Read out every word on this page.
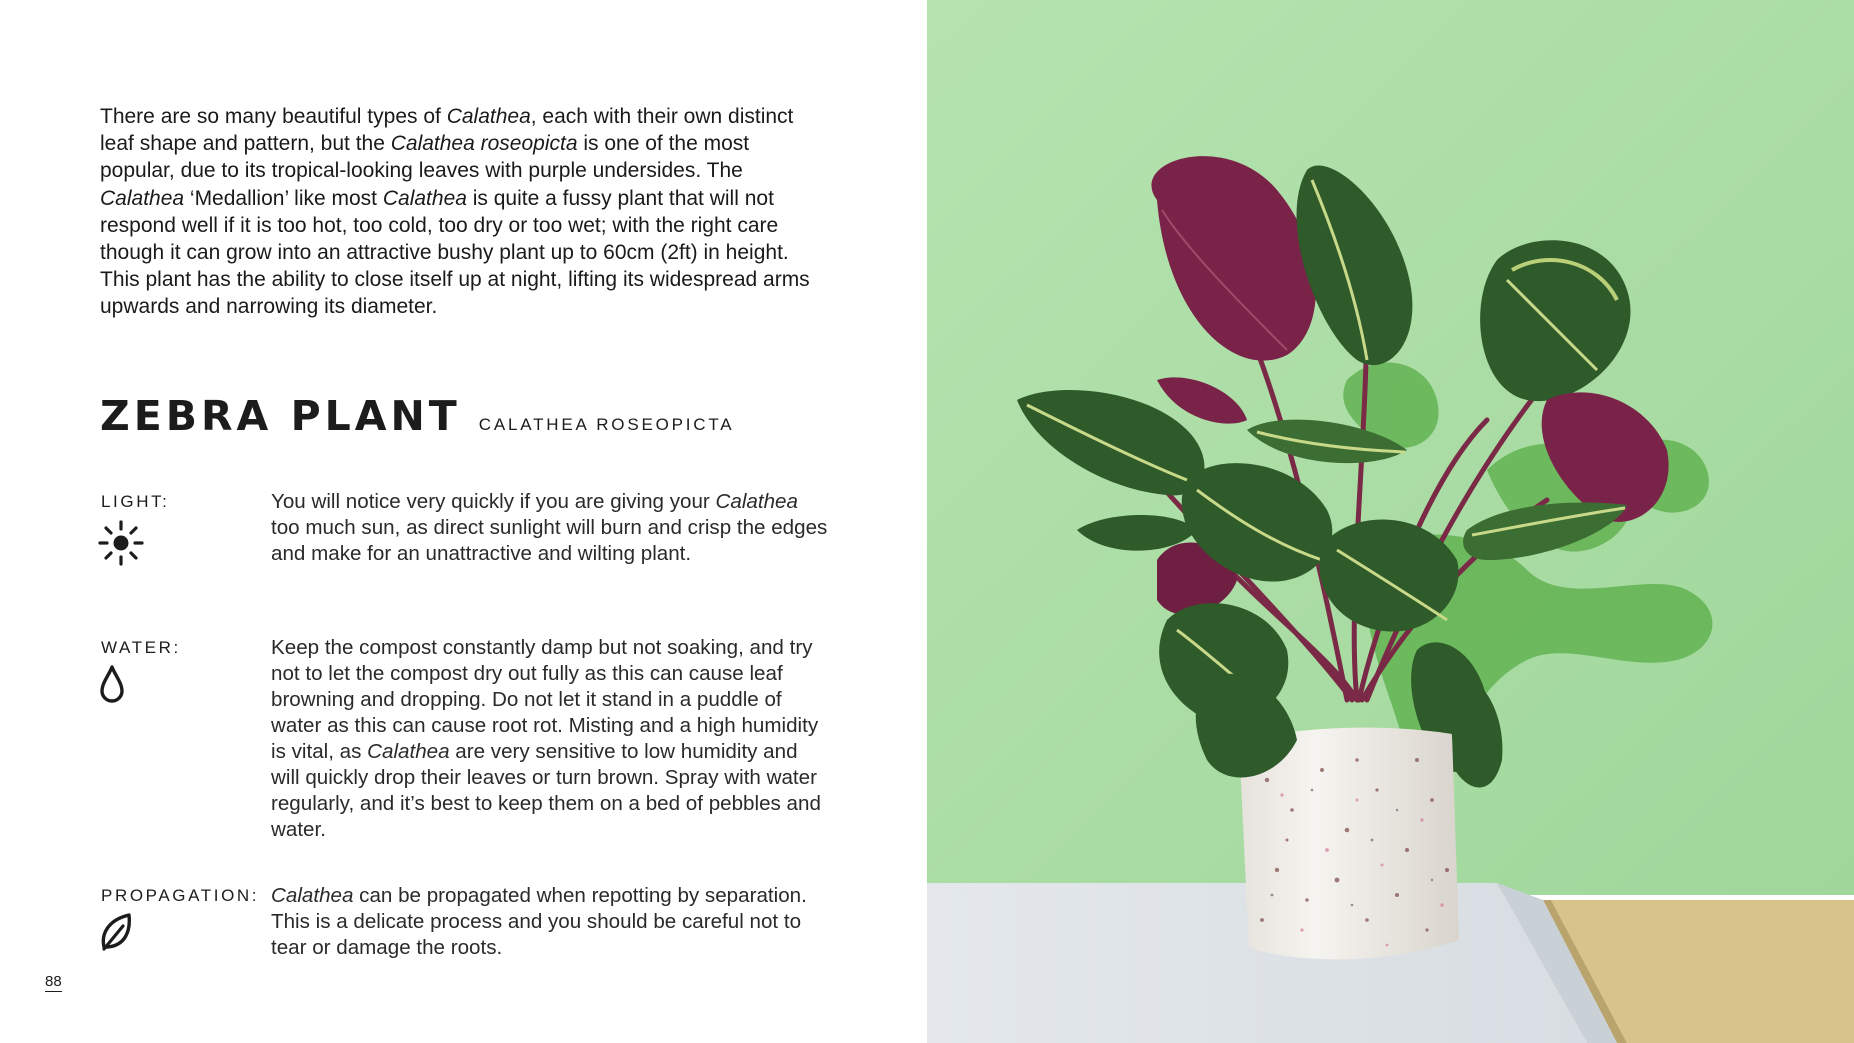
There are so many beautiful types of Calathea, each with their own distinct leaf shape and pattern, but the Calathea roseopicta is one of the most popular, due to its tropical-looking leaves with purple undersides. The Calathea ‘Medallion’ like most Calathea is quite a fussy plant that will not respond well if it is too hot, too cold, too dry or too wet; with the right care though it can grow into an attractive bushy plant up to 60cm (2ft) in height. This plant has the ability to close itself up at night, lifting its widespread arms upwards and narrowing its diameter.

ZEBRA PLANT CALATHEA ROSEOPICTA
LIGHT:	You will notice very quickly if you are giving your Calathea too much sun, as direct sunlight will burn and crisp the edges and make for an unattractive and wilting plant.

WATER:	Keep the compost constantly damp but not soaking, and try not to let the compost dry out fully as this can cause leaf browning and dropping. Do not let it stand in a puddle of water as this can cause root rot. Misting and a high humidity is vital, as Calathea are very sensitive to low humidity and will quickly drop their leaves or turn brown. Spray with water regularly, and it’s best to keep them on a bed of pebbles and water.

PROPAGATION: Calathea can be propagated when repotting by separation. This is a delicate process and you should be careful not to tear or damage the roots.

88
